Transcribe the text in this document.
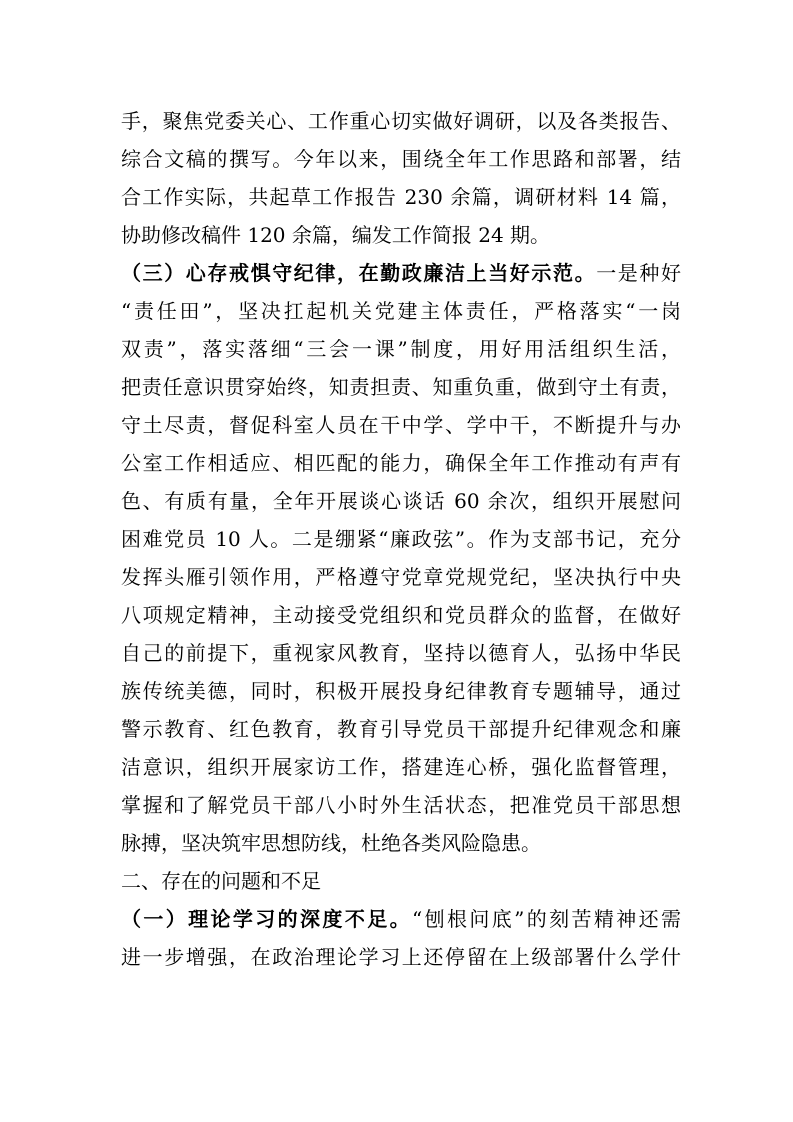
手，聚焦党委关心、工作重心切实做好调研，以及各类报告、
综合文稿的撰写。今年以来，围绕全年工作思路和部署，结
合工作实际，共起草工作报告 230 余篇，调研材料 14 篇，
协助修改稿件 120 余篇，编发工作简报 24 期。
（三）心存戒惧守纪律，在勤政廉洁上当好示范。一是种好
“责任田”，坚决扛起机关党建主体责任，严格落实“一岗
双责”，落实落细“三会一课”制度，用好用活组织生活，
把责任意识贯穿始终，知责担责、知重负重，做到守土有责，
守土尽责，督促科室人员在干中学、学中干，不断提升与办
公室工作相适应、相匹配的能力，确保全年工作推动有声有
色、有质有量，全年开展谈心谈话 60 余次，组织开展慰问
困难党员 10 人。二是绷紧“廉政弦”。作为支部书记，充分
发挥头雁引领作用，严格遵守党章党规党纪，坚决执行中央
八项规定精神，主动接受党组织和党员群众的监督，在做好
自己的前提下，重视家风教育，坚持以德育人，弘扬中华民
族传统美德，同时，积极开展投身纪律教育专题辅导，通过
警示教育、红色教育，教育引导党员干部提升纪律观念和廉
洁意识，组织开展家访工作，搭建连心桥，强化监督管理，
掌握和了解党员干部八小时外生活状态，把准党员干部思想
脉搏，坚决筑牢思想防线，杜绝各类风险隐患。
二、存在的问题和不足
（一）理论学习的深度不足。“刨根问底”的刻苦精神还需
进一步增强，在政治理论学习上还停留在上级部署什么学什
